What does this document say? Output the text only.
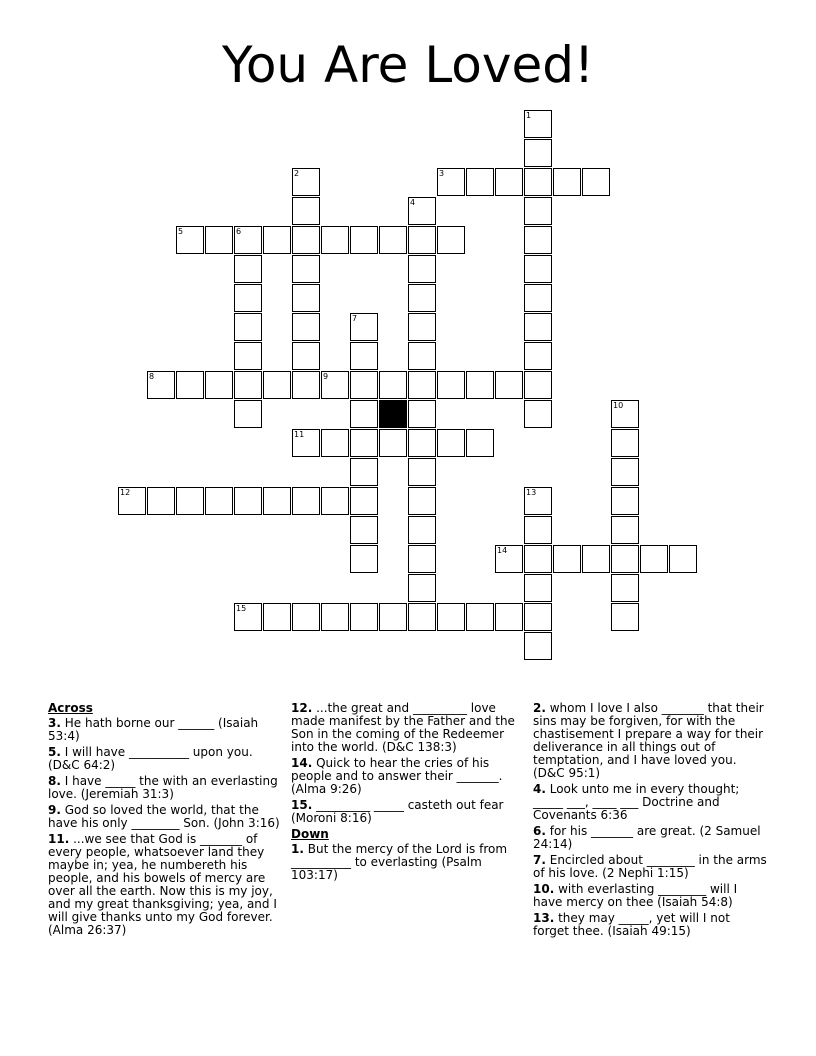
You Are Loved!
1
3
2
4
5	6
7
8	9
10
11
12	13
14
15
Across
3. He hath borne our ______ (Isaiah 53:4)
5. I will have __________ upon you. (D&C 64:2)
8. I have _____ the with an everlasting love. (Jeremiah 31:3)
9. God so loved the world, that the have his only ________ Son. (John 3:16)
11. ...we see that God is _______ of every people, whatsoever land they maybe in; yea, he numbereth his people, and his bowels of mercy are over all the earth. Now this is my joy, and my great thanksgiving; yea, and I will give thanks unto my God forever. (Alma 26:37)
12. ...the great and _________ love made manifest by the Father and the Son in the coming of the Redeemer into the world. (D&C 138:3)
14. Quick to hear the cries of his people and to answer their _______. (Alma 9:26)
15. _________ _____ casteth out fear (Moroni 8:16)
Down
1. But the mercy of the Lord is from __________ to everlasting (Psalm 103:17)
2. whom I love I also _______ that their sins may be forgiven, for with the chastisement I prepare a way for their deliverance in all things out of temptation, and I have loved you. (D&C 95:1)
4. Look unto me in every thought; _____ ___, ____ ___ Doctrine and Covenants 6:36
6. for his _______ are great. (2 Samuel 24:14)
7. Encircled about ________ in the arms of his love. (2 Nephi 1:15)
10. with everlasting ________ will I have mercy on thee (Isaiah 54:8)
13. they may _____, yet will I not forget thee. (Isaiah 49:15)
